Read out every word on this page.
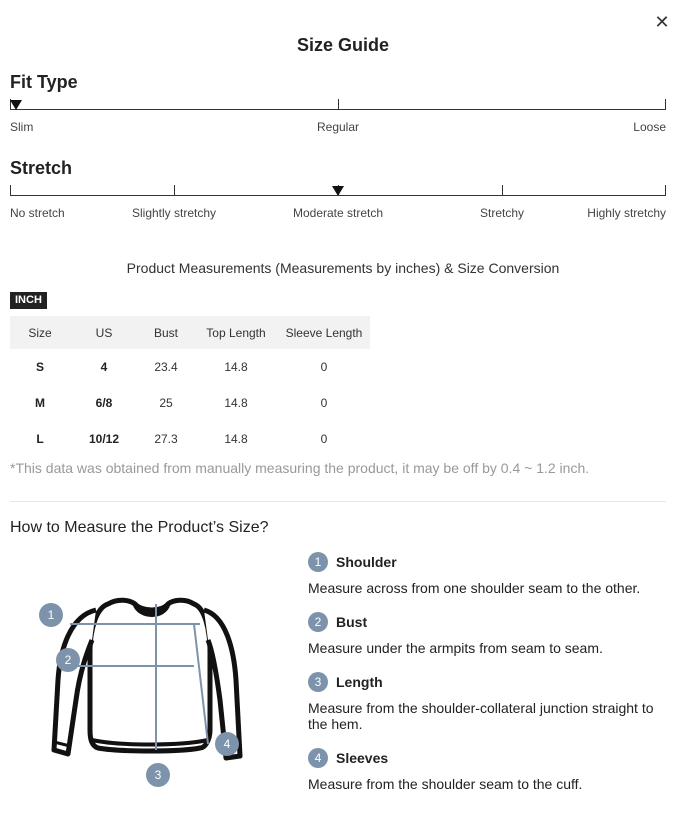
✕
Size Guide
Fit Type
Slim	Regular	Loose
Stretch
No stretch	Slightly stretchy	Moderate stretch	Stretchy	Highly stretchy
Product Measurements (Measurements by inches) & Size Conversion
INCH
Size	US	Bust	Top Length	Sleeve Length
S	4	23.4	14.8	0
M	6/8	25	14.8	0
L	10/12	27.3	14.8	0
*This data was obtained from manually measuring the product, it may be off by 0.4 ~ 1.2 inch.
How to Measure the Product’s Size?
1
2
3
4
1	Shoulder
Measure across from one shoulder seam to the other.
2	Bust
Measure under the armpits from seam to seam.
3	Length
Measure from the shoulder-collateral junction straight to the hem.
4	Sleeves
Measure from the shoulder seam to the cuff.
